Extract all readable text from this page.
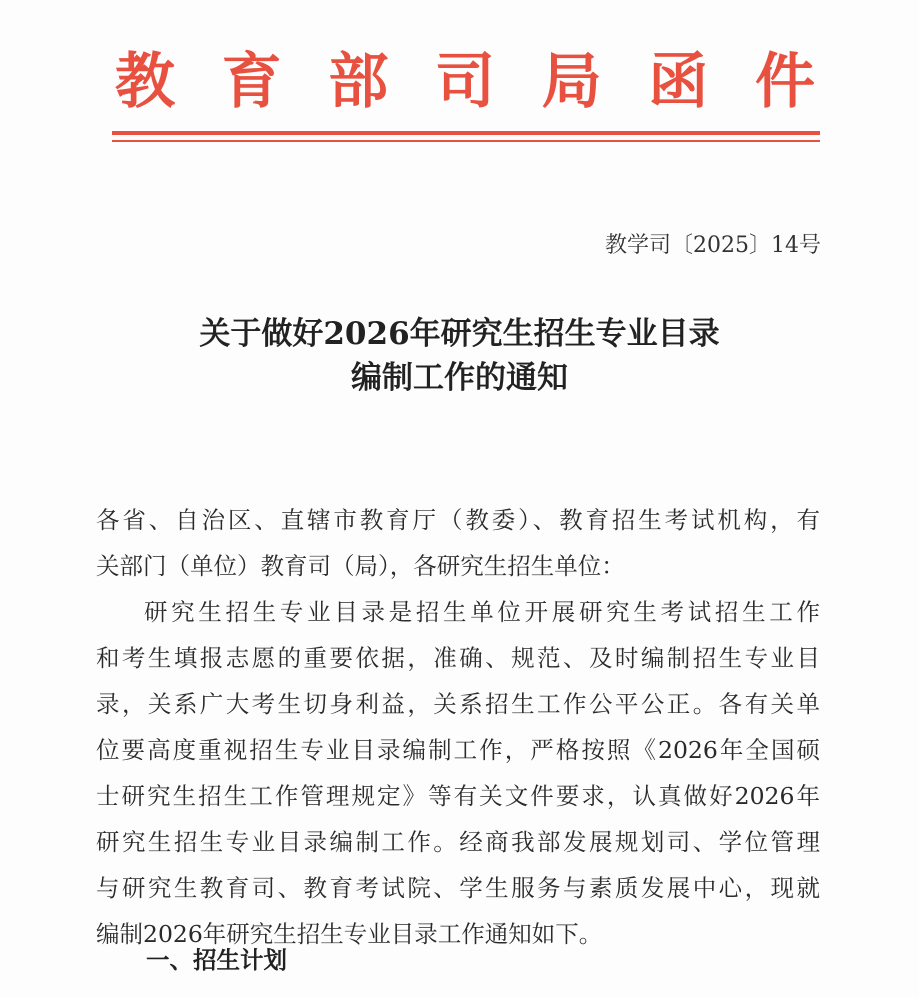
教 育 部 司 局 函 件
教学司〔2025〕14号
关于做好2026年研究生招生专业目录
编制工作的通知

各省、自治区、直辖市教育厅（教委）、教育招生考试机构，有
关部门（单位）教育司（局），各研究生招生单位：

研究生招生专业目录是招生单位开展研究生考试招生工作
和考生填报志愿的重要依据，准确、规范、及时编制招生专业目
录，关系广大考生切身利益，关系招生工作公平公正。各有关单
位要高度重视招生专业目录编制工作，严格按照《2026年全国硕
士研究生招生工作管理规定》等有关文件要求，认真做好2026年
研究生招生专业目录编制工作。经商我部发展规划司、学位管理
与研究生教育司、教育考试院、学生服务与素质发展中心，现就
编制2026年研究生招生专业目录工作通知如下。

一、招生计划
